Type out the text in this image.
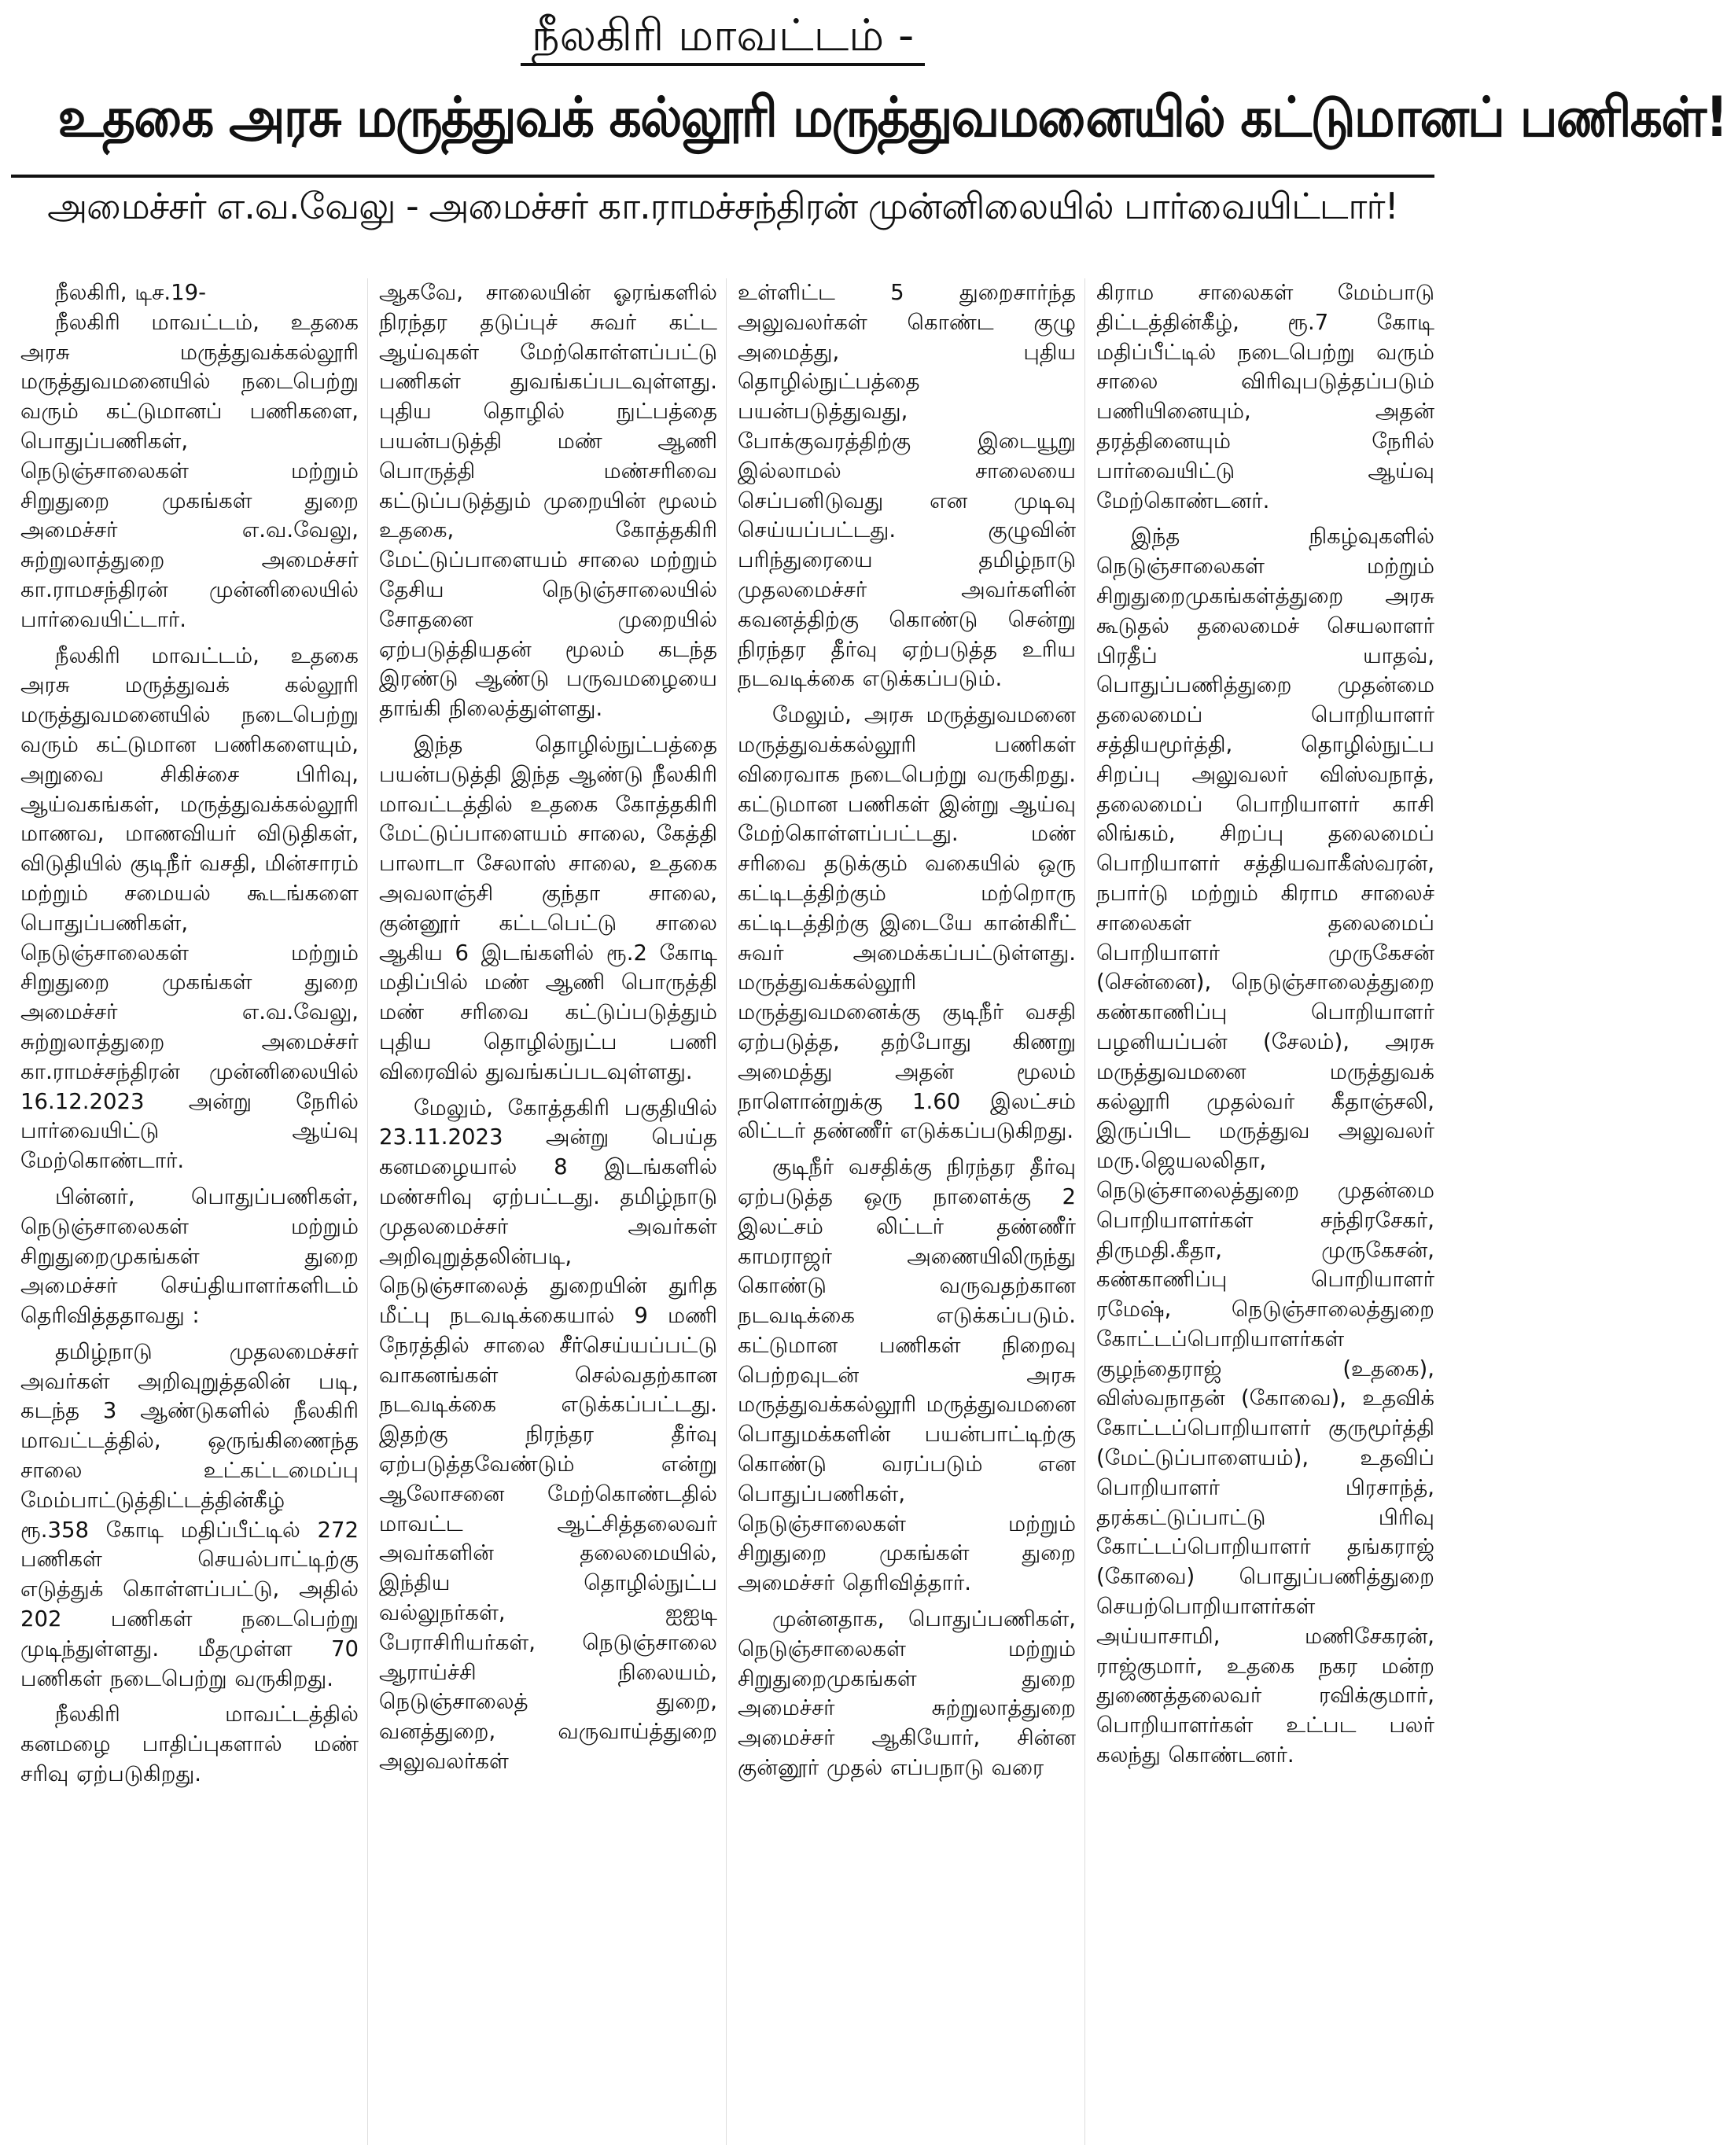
நீலகிரி மாவட்டம் -
உதகை அரசு மருத்துவக் கல்லூரி மருத்துவமனையில் கட்டுமானப் பணிகள்!
அமைச்சர் எ.வ.வேலு - அமைச்சர் கா.ராமச்சந்திரன் முன்னிலையில் பார்வையிட்டார்!
நீலகிரி, டிச.19-

நீலகிரி மாவட்டம், உதகை அரசு மருத்துவக்கல்லூரி மருத்துவமனையில் நடைபெற்று வரும் கட்டுமானப் பணிகளை, பொதுப்பணிகள், நெடுஞ்சாலைகள் மற்றும் சிறுதுறை முகங்கள் துறை அமைச்சர் எ.வ.வேலு, சுற்றுலாத்துறை அமைச்சர் கா.ராமசந்திரன் முன்னிலையில் பார்வையிட்டார்.

நீலகிரி மாவட்டம், உதகை அரசு மருத்துவக் கல்லூரி மருத்துவமனையில் நடைபெற்று வரும் கட்டுமான பணிகளையும், அறுவை சிகிச்சை பிரிவு, ஆய்வகங்கள், மருத்துவக்கல்லூரி மாணவ, மாணவியர் விடுதிகள், விடுதியில் குடிநீர் வசதி, மின்சாரம் மற்றும் சமையல் கூடங்களை பொதுப்பணிகள், நெடுஞ்சாலைகள் மற்றும் சிறுதுறை முகங்கள் துறை அமைச்சர் எ.வ.வேலு, சுற்றுலாத்துறை அமைச்சர் கா.ராமச்சந்திரன் முன்னிலையில் 16.12.2023 அன்று நேரில் பார்வையிட்டு ஆய்வு மேற்கொண்டார்.

பின்னர், பொதுப்பணிகள், நெடுஞ்சாலைகள் மற்றும் சிறுதுறைமுகங்கள் துறை அமைச்சர் செய்தியாளர்களிடம் தெரிவித்ததாவது :

தமிழ்நாடு முதலமைச்சர் அவர்கள் அறிவுறுத்தலின் படி, கடந்த 3 ஆண்டுகளில் நீலகிரி மாவட்டத்தில், ஒருங்கிணைந்த சாலை உட்கட்டமைப்பு மேம்பாட்டுத்திட்டத்தின்கீழ் ரூ.358 கோடி மதிப்பீட்டில் 272 பணிகள் செயல்பாட்டிற்கு எடுத்துக் கொள்ளப்பட்டு, அதில் 202 பணிகள் நடைபெற்று முடிந்துள்ளது. மீதமுள்ள 70 பணிகள் நடைபெற்று வருகிறது.

நீலகிரி மாவட்டத்தில் கனமழை பாதிப்புகளால் மண் சரிவு ஏற்படுகிறது.

ஆகவே, சாலையின் ஓரங்களில் நிரந்தர தடுப்புச் சுவர் கட்ட ஆய்வுகள் மேற்கொள்ளப்பட்டு பணிகள் துவங்கப்படவுள்ளது. புதிய தொழில் நுட்பத்தை பயன்படுத்தி மண் ஆணி பொருத்தி மண்சரிவை கட்டுப்படுத்தும் முறையின் மூலம் உதகை, கோத்தகிரி மேட்டுப்பாளையம் சாலை மற்றும் தேசிய நெடுஞ்சாலையில் சோதனை முறையில் ஏற்படுத்தியதன் மூலம் கடந்த இரண்டு ஆண்டு பருவமழையை தாங்கி நிலைத்துள்ளது.

இந்த தொழில்நுட்பத்தை பயன்படுத்தி இந்த ஆண்டு நீலகிரி மாவட்டத்தில் உதகை கோத்தகிரி மேட்டுப்பாளையம் சாலை, கேத்தி பாலாடா சேலாஸ் சாலை, உதகை அவலாஞ்சி குந்தா சாலை, குன்னூர் கட்டபெட்டு சாலை ஆகிய 6 இடங்களில் ரூ.2 கோடி மதிப்பில் மண் ஆணி பொருத்தி மண் சரிவை கட்டுப்படுத்தும் புதிய தொழில்நுட்ப பணி விரைவில் துவங்கப்படவுள்ளது.

மேலும், கோத்தகிரி பகுதியில் 23.11.2023 அன்று பெய்த கனமழையால் 8 இடங்களில் மண்சரிவு ஏற்பட்டது. தமிழ்நாடு முதலமைச்சர் அவர்கள் அறிவுறுத்தலின்படி, நெடுஞ்சாலைத் துறையின் துரித மீட்பு நடவடிக்கையால் 9 மணி நேரத்தில் சாலை சீர்செய்யப்பட்டு வாகனங்கள் செல்வதற்கான நடவடிக்கை எடுக்கப்பட்டது. இதற்கு நிரந்தர தீர்வு ஏற்படுத்தவேண்டும் என்று ஆலோசனை மேற்கொண்டதில் மாவட்ட ஆட்சித்தலைவர் அவர்களின் தலைமையில், இந்திய தொழில்நுட்ப வல்லுநர்கள், ஐஐடி பேராசிரியர்கள், நெடுஞ்சாலை ஆராய்ச்சி நிலையம், நெடுஞ்சாலைத் துறை, வனத்துறை, வருவாய்த்துறை அலுவலர்கள்

உள்ளிட்ட 5 துறைசார்ந்த அலுவலர்கள் கொண்ட குழு அமைத்து, புதிய தொழில்நுட்பத்தை பயன்படுத்துவது, போக்குவரத்திற்கு இடையூறு இல்லாமல் சாலையை செப்பனிடுவது என முடிவு செய்யப்பட்டது. குழுவின் பரிந்துரையை தமிழ்நாடு முதலமைச்சர் அவர்களின் கவனத்திற்கு கொண்டு சென்று நிரந்தர தீர்வு ஏற்படுத்த உரிய நடவடிக்கை எடுக்கப்படும்.

மேலும், அரசு மருத்துவமனை மருத்துவக்கல்லூரி பணிகள் விரைவாக நடைபெற்று வருகிறது. கட்டுமான பணிகள் இன்று ஆய்வு மேற்கொள்ளப்பட்டது. மண் சரிவை தடுக்கும் வகையில் ஒரு கட்டிடத்திற்கும் மற்றொரு கட்டிடத்திற்கு இடையே கான்கிரீட் சுவர் அமைக்கப்பட்டுள்ளது. மருத்துவக்கல்லூரி மருத்துவமனைக்கு குடிநீர் வசதி ஏற்படுத்த, தற்போது கிணறு அமைத்து அதன் மூலம் நாளொன்றுக்கு 1.60 இலட்சம் லிட்டர் தண்ணீர் எடுக்கப்படுகிறது.

குடிநீர் வசதிக்கு நிரந்தர தீர்வு ஏற்படுத்த ஒரு நாளைக்கு 2 இலட்சம் லிட்டர் தண்ணீர் காமராஜர் அணையிலிருந்து கொண்டு வருவதற்கான நடவடிக்கை எடுக்கப்படும். கட்டுமான பணிகள் நிறைவு பெற்றவுடன் அரசு மருத்துவக்கல்லூரி மருத்துவமனை பொதுமக்களின் பயன்பாட்டிற்கு கொண்டு வரப்படும் என பொதுப்பணிகள், நெடுஞ்சாலைகள் மற்றும் சிறுதுறை முகங்கள் துறை அமைச்சர் தெரிவித்தார்.

முன்னதாக, பொதுப்பணிகள், நெடுஞ்சாலைகள் மற்றும் சிறுதுறைமுகங்கள் துறை அமைச்சர் சுற்றுலாத்துறை அமைச்சர் ஆகியோர், சின்ன குன்னூர் முதல் எப்பநாடு வரை

கிராம சாலைகள் மேம்பாடு திட்டத்தின்கீழ், ரூ.7 கோடி மதிப்பீட்டில் நடைபெற்று வரும் சாலை விரிவுபடுத்தப்படும் பணியினையும், அதன் தரத்தினையும் நேரில் பார்வையிட்டு ஆய்வு மேற்கொண்டனர்.

இந்த நிகழ்வுகளில் நெடுஞ்சாலைகள் மற்றும் சிறுதுறைமுகங்கள்த்துறை அரசு கூடுதல் தலைமைச் செயலாளர் பிரதீப் யாதவ், பொதுப்பணித்துறை முதன்மை தலைமைப் பொறியாளர் சத்தியமூர்த்தி, தொழில்நுட்ப சிறப்பு அலுவலர் விஸ்வநாத், தலைமைப் பொறியாளர் காசி லிங்கம், சிறப்பு தலைமைப் பொறியாளர் சத்தியவாகீஸ்வரன், நபார்டு மற்றும் கிராம சாலைச் சாலைகள் தலைமைப் பொறியாளர் முருகேசன் (சென்னை), நெடுஞ்சாலைத்துறை கண்காணிப்பு பொறியாளர் பழனியப்பன் (சேலம்), அரசு மருத்துவமனை மருத்துவக் கல்லூரி முதல்வர் கீதாஞ்சலி, இருப்பிட மருத்துவ அலுவலர் மரு.ஜெயலலிதா, நெடுஞ்சாலைத்துறை முதன்மை பொறியாளர்கள் சந்திரசேகர், திருமதி.கீதா, முருகேசன், கண்காணிப்பு பொறியாளர் ரமேஷ், நெடுஞ்சாலைத்துறை கோட்டப்பொறியாளர்கள் குழந்தைராஜ் (உதகை), விஸ்வநாதன் (கோவை), உதவிக் கோட்டப்பொறியாளர் குருமூர்த்தி (மேட்டுப்பாளையம்), உதவிப் பொறியாளர் பிரசாந்த், தரக்கட்டுப்பாட்டு பிரிவு கோட்டப்பொறியாளர் தங்கராஜ் (கோவை) பொதுப்பணித்துறை செயற்பொறியாளர்கள் அய்யாசாமி, மணிசேகரன், ராஜ்குமார், உதகை நகர மன்ற துணைத்தலைவர் ரவிக்குமார், பொறியாளர்கள் உட்பட பலர் கலந்து கொண்டனர்.
